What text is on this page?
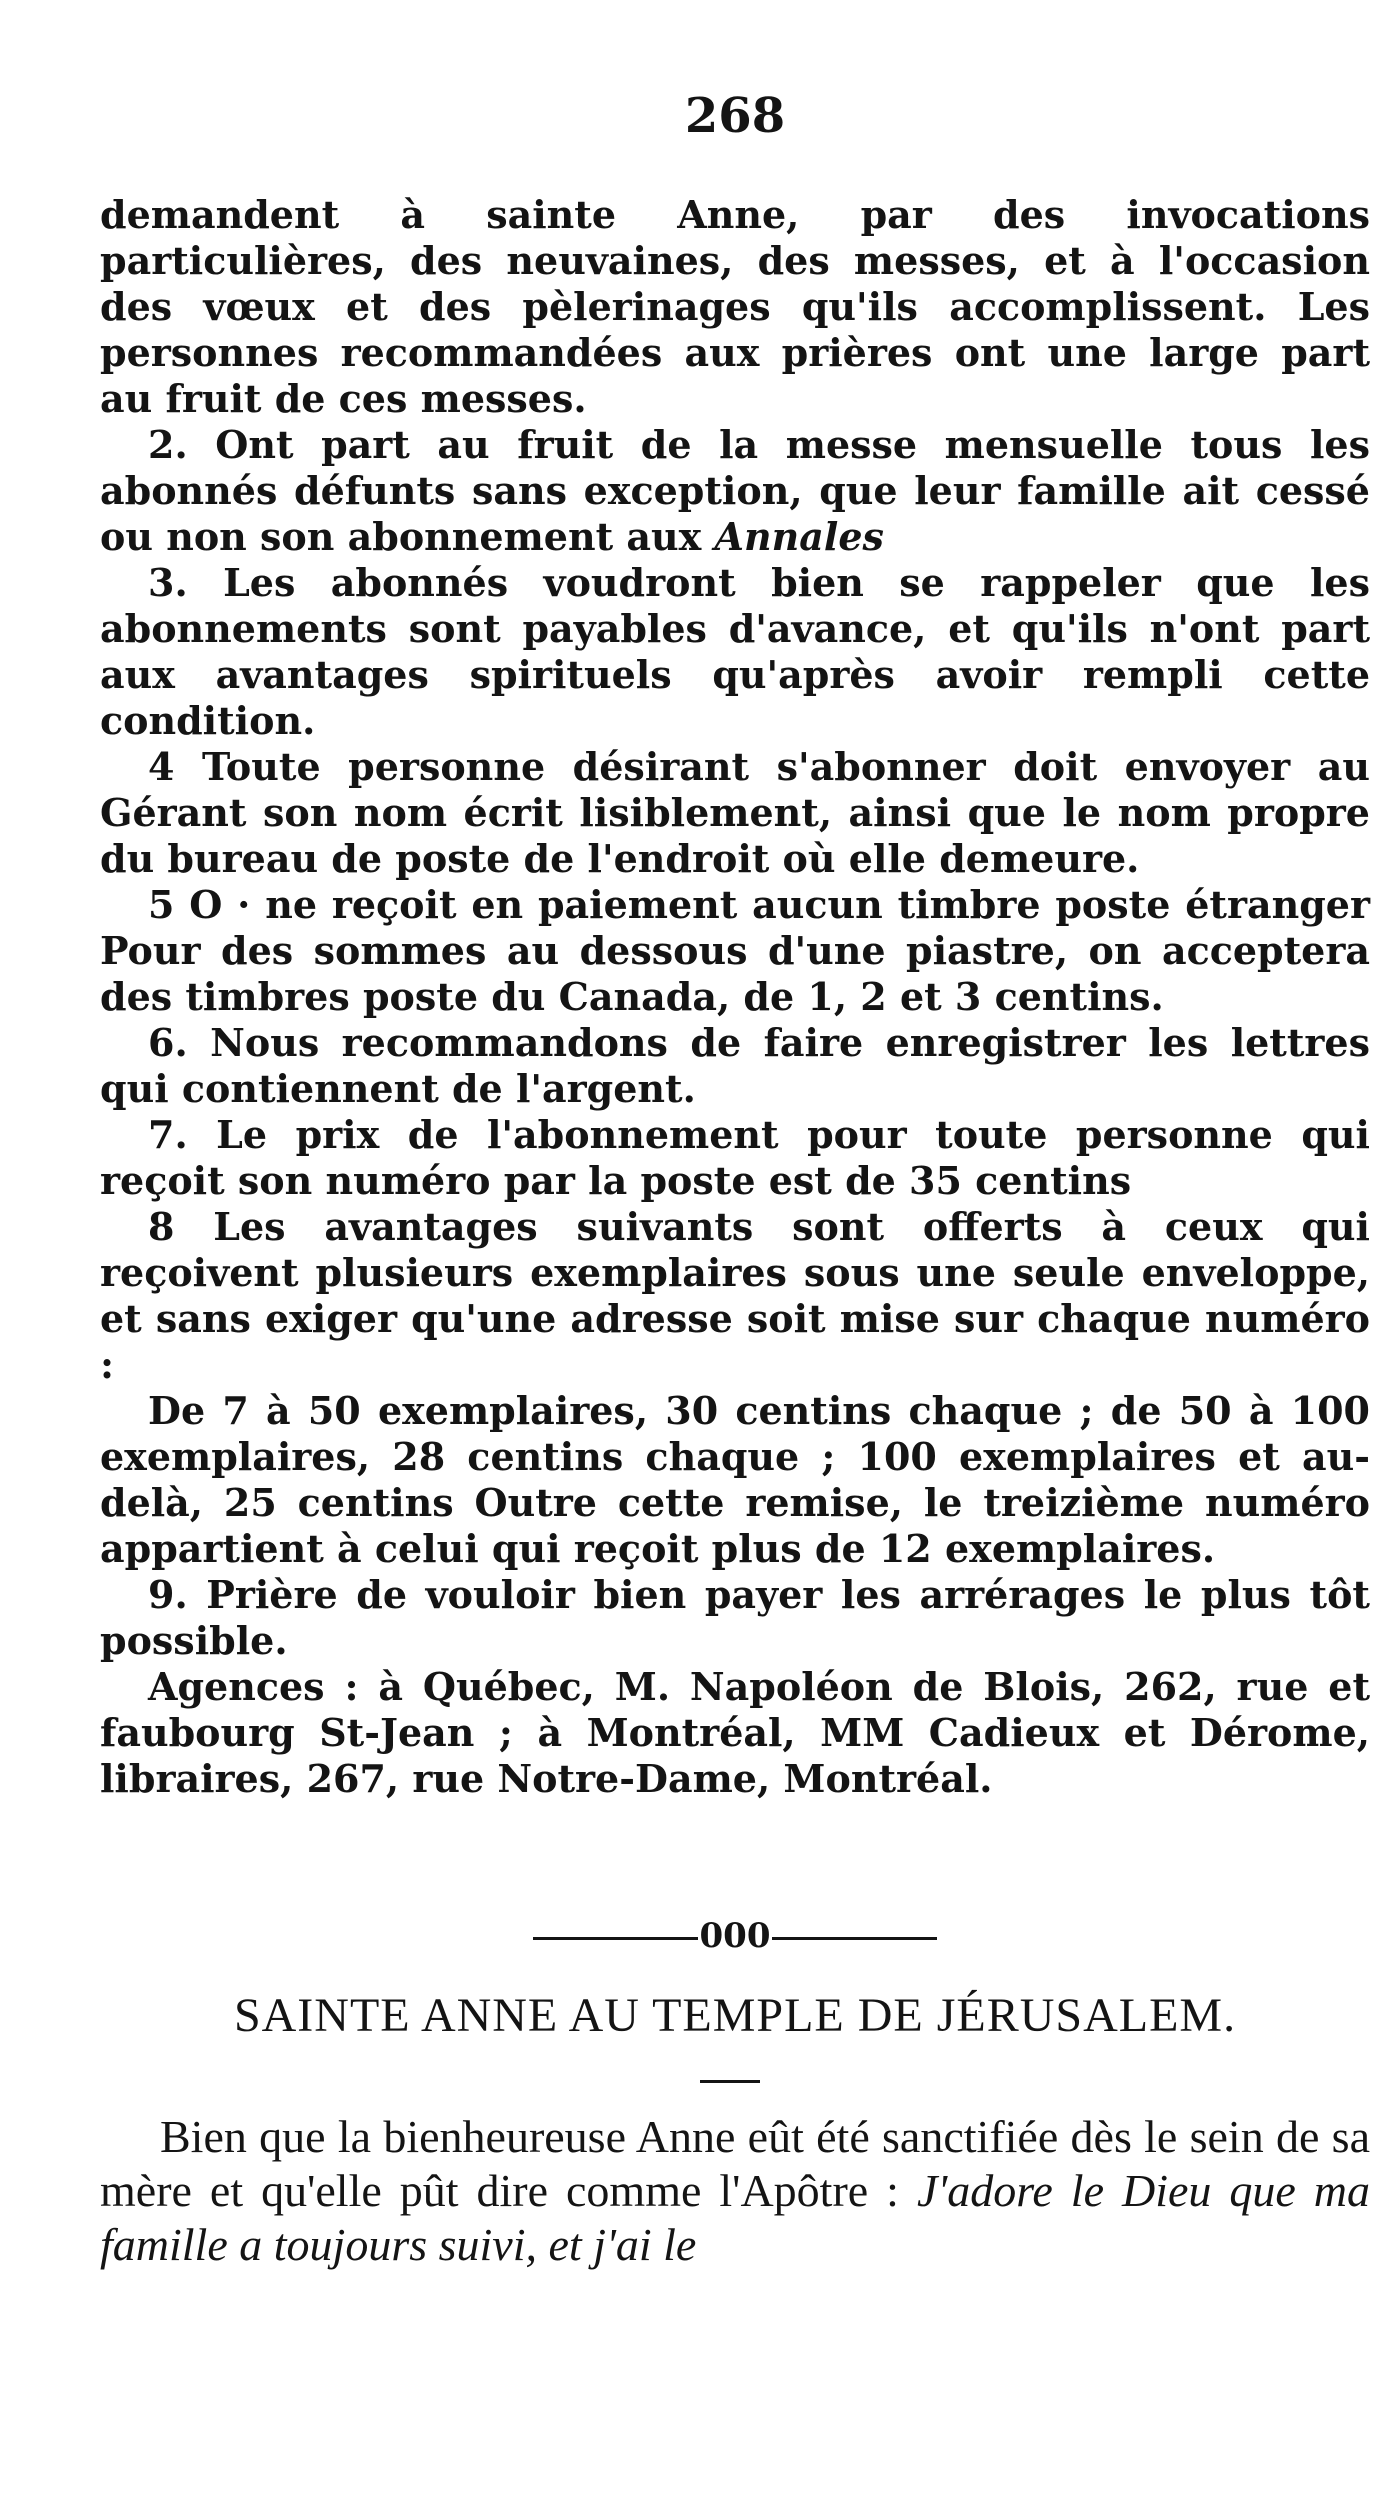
268

demandent à sainte Anne, par des invocations particulières, des neuvaines, des messes, et à l'occasion des vœux et des pèlerinages qu'ils accomplissent. Les personnes recommandées aux prières ont une large part au fruit de ces messes.

2. Ont part au fruit de la messe mensuelle tous les abonnés défunts sans exception, que leur famille ait cessé ou non son abonnement aux Annales

3. Les abonnés voudront bien se rappeler que les abonnements sont payables d'avance, et qu'ils n'ont part aux avantages spirituels qu'après avoir rempli cette condition.

4 Toute personne désirant s'abonner doit envoyer au Gérant son nom écrit lisiblement, ainsi que le nom propre du bureau de poste de l'endroit où elle demeure.

5 O · ne reçoit en paiement aucun timbre poste étranger Pour des sommes au dessous d'une piastre, on acceptera des timbres poste du Canada, de 1, 2 et 3 centins.

6. Nous recommandons de faire enregistrer les lettres qui contiennent de l'argent.

7. Le prix de l'abonnement pour toute personne qui reçoit son numéro par la poste est de 35 centins

8 Les avantages suivants sont offerts à ceux qui reçoivent plusieurs exemplaires sous une seule enveloppe, et sans exiger qu'une adresse soit mise sur chaque numéro :

De 7 à 50 exemplaires, 30 centins chaque ; de 50 à 100 exemplaires, 28 centins chaque ; 100 exemplaires et au-delà, 25 centins Outre cette remise, le treizième numéro appartient à celui qui reçoit plus de 12 exemplaires.

9. Prière de vouloir bien payer les arrérages le plus tôt possible.

Agences : à Québec, M. Napoléon de Blois, 262, rue et faubourg St-Jean ; à Montréal, MM Cadieux et Dérome, libraires, 267, rue Notre-Dame, Montréal.

000
SAINTE ANNE AU TEMPLE DE JÉRUSALEM.

Bien que la bienheureuse Anne eût été sanctifiée dès le sein de sa mère et qu'elle pût dire comme l'Apôtre : J'adore le Dieu que ma famille a toujours suivi, et j'ai le
